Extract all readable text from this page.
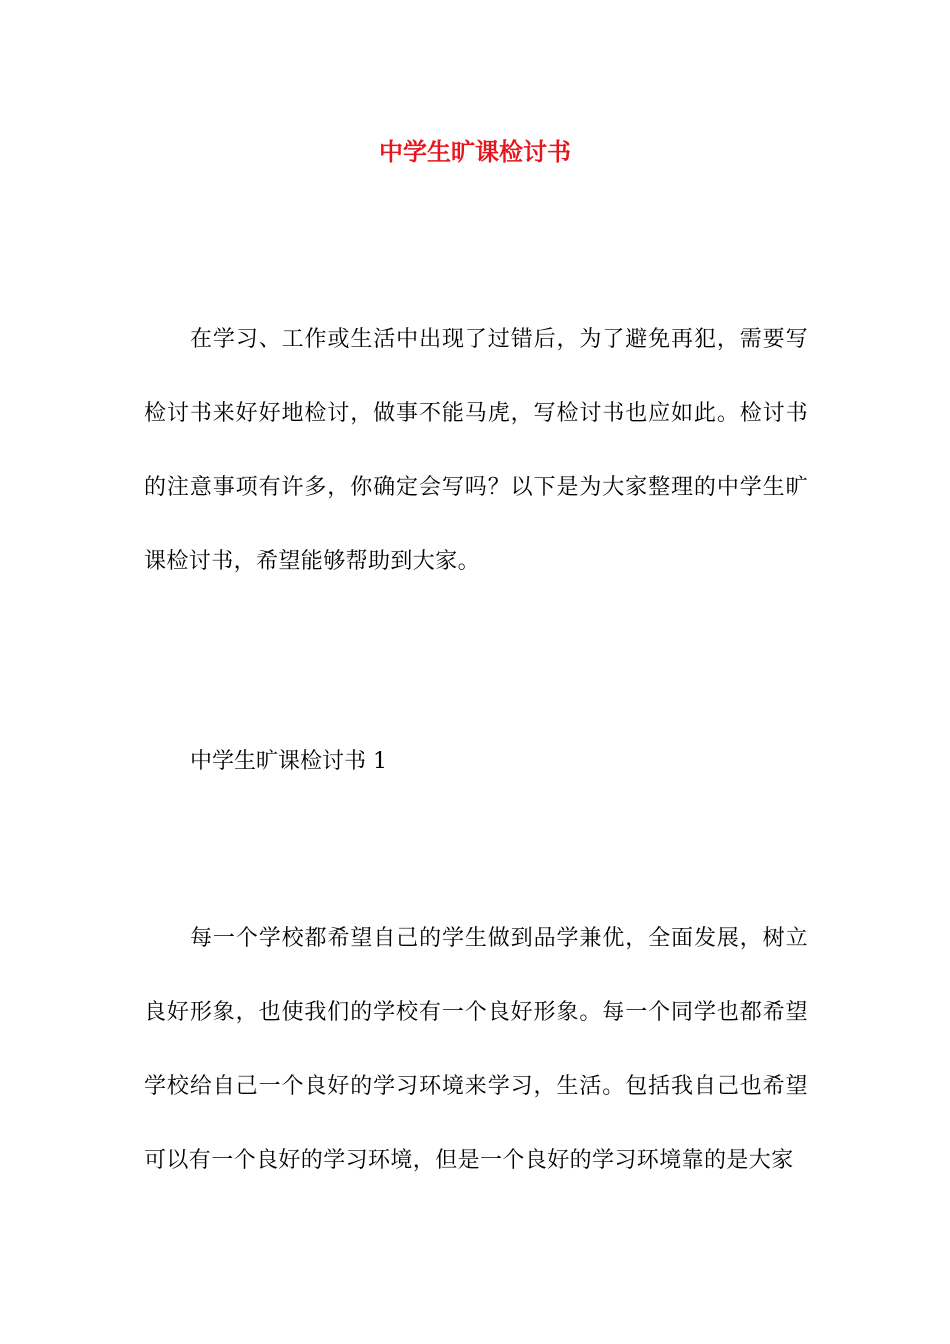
中学生旷课检讨书

在学习、工作或生活中出现了过错后，为了避免再犯，需要写检讨书来好好地检讨，做事不能马虎，写检讨书也应如此。检讨书的注意事项有许多，你确定会写吗？以下是为大家整理的中学生旷课检讨书，希望能够帮助到大家。

中学生旷课检讨书 1

每一个学校都希望自己的学生做到品学兼优，全面发展，树立良好形象，也使我们的学校有一个良好形象。每一个同学也都希望学校给自己一个良好的学习环境来学习，生活。包括我自己也希望可以有一个良好的学习环境，但是一个良好的学习环境靠的是大家
